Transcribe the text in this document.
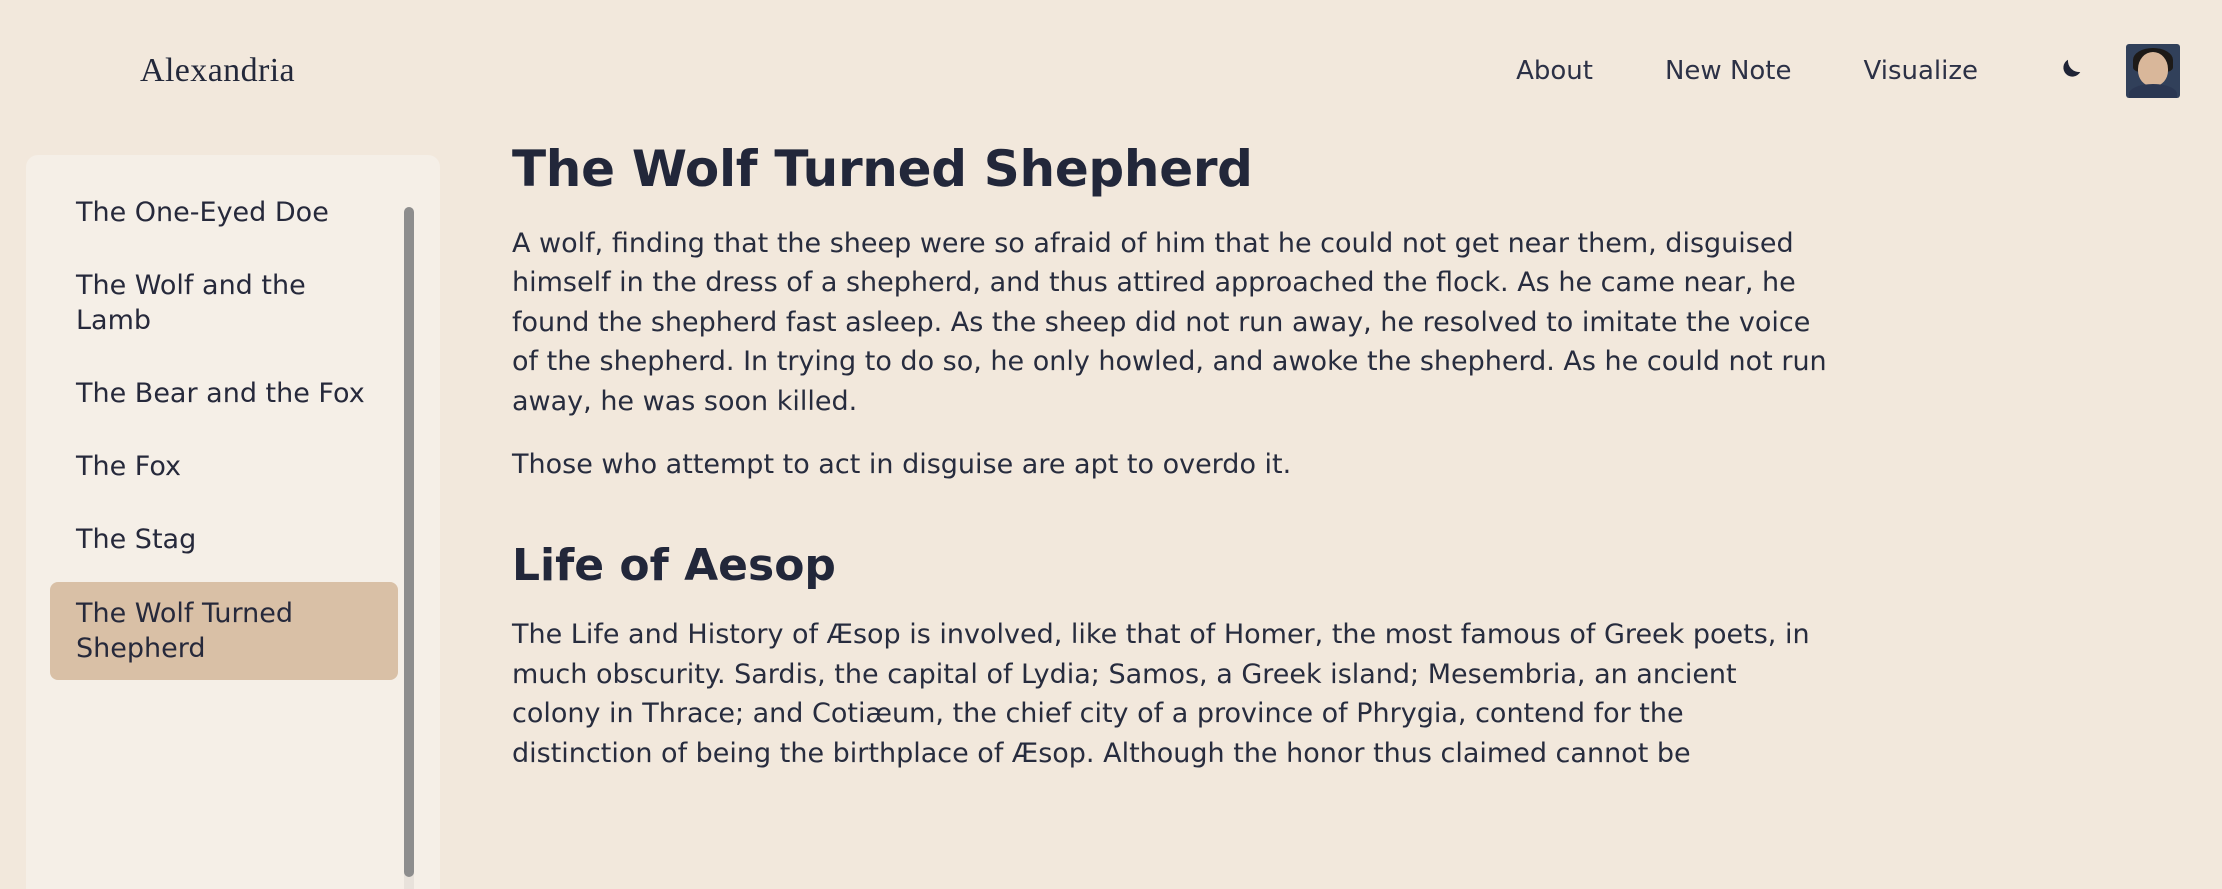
Alexandria	About	New Note	Visualize
The One-Eyed Doe
The Wolf and the Lamb
The Bear and the Fox
The Fox
The Stag
The Wolf Turned Shepherd
The Wolf Turned Shepherd

A wolf, finding that the sheep were so afraid of him that he could not get near them, disguised himself in the dress of a shepherd, and thus attired approached the flock. As he came near, he found the shepherd fast asleep. As the sheep did not run away, he resolved to imitate the voice of the shepherd. In trying to do so, he only howled, and awoke the shepherd. As he could not run away, he was soon killed.

Those who attempt to act in disguise are apt to overdo it.

Life of Aesop

The Life and History of Æsop is involved, like that of Homer, the most famous of Greek poets, in much obscurity. Sardis, the capital of Lydia; Samos, a Greek island; Mesembria, an ancient colony in Thrace; and Cotiæum, the chief city of a province of Phrygia, contend for the distinction of being the birthplace of Æsop. Although the honor thus claimed cannot be
